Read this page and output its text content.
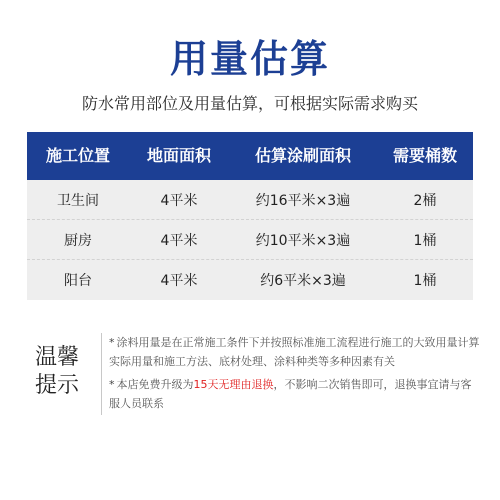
用量估算
防水常用部位及用量估算，可根据实际需求购买
施工位置	地面面积	估算涂刷面积	需要桶数
卫生间	4平米	约16平米×3遍	2桶
厨房	4平米	约10平米×3遍	1桶
阳台	4平米	约6平米×3遍	1桶
温馨
提示
* 涂料用量是在正常施工条件下并按照标准施工流程进行施工的大致用量计算实际用量和施工方法、底材处理、涂料种类等多种因素有关
* 本店免费升级为15天无理由退换，不影响二次销售即可，退换事宜请与客服人员联系
